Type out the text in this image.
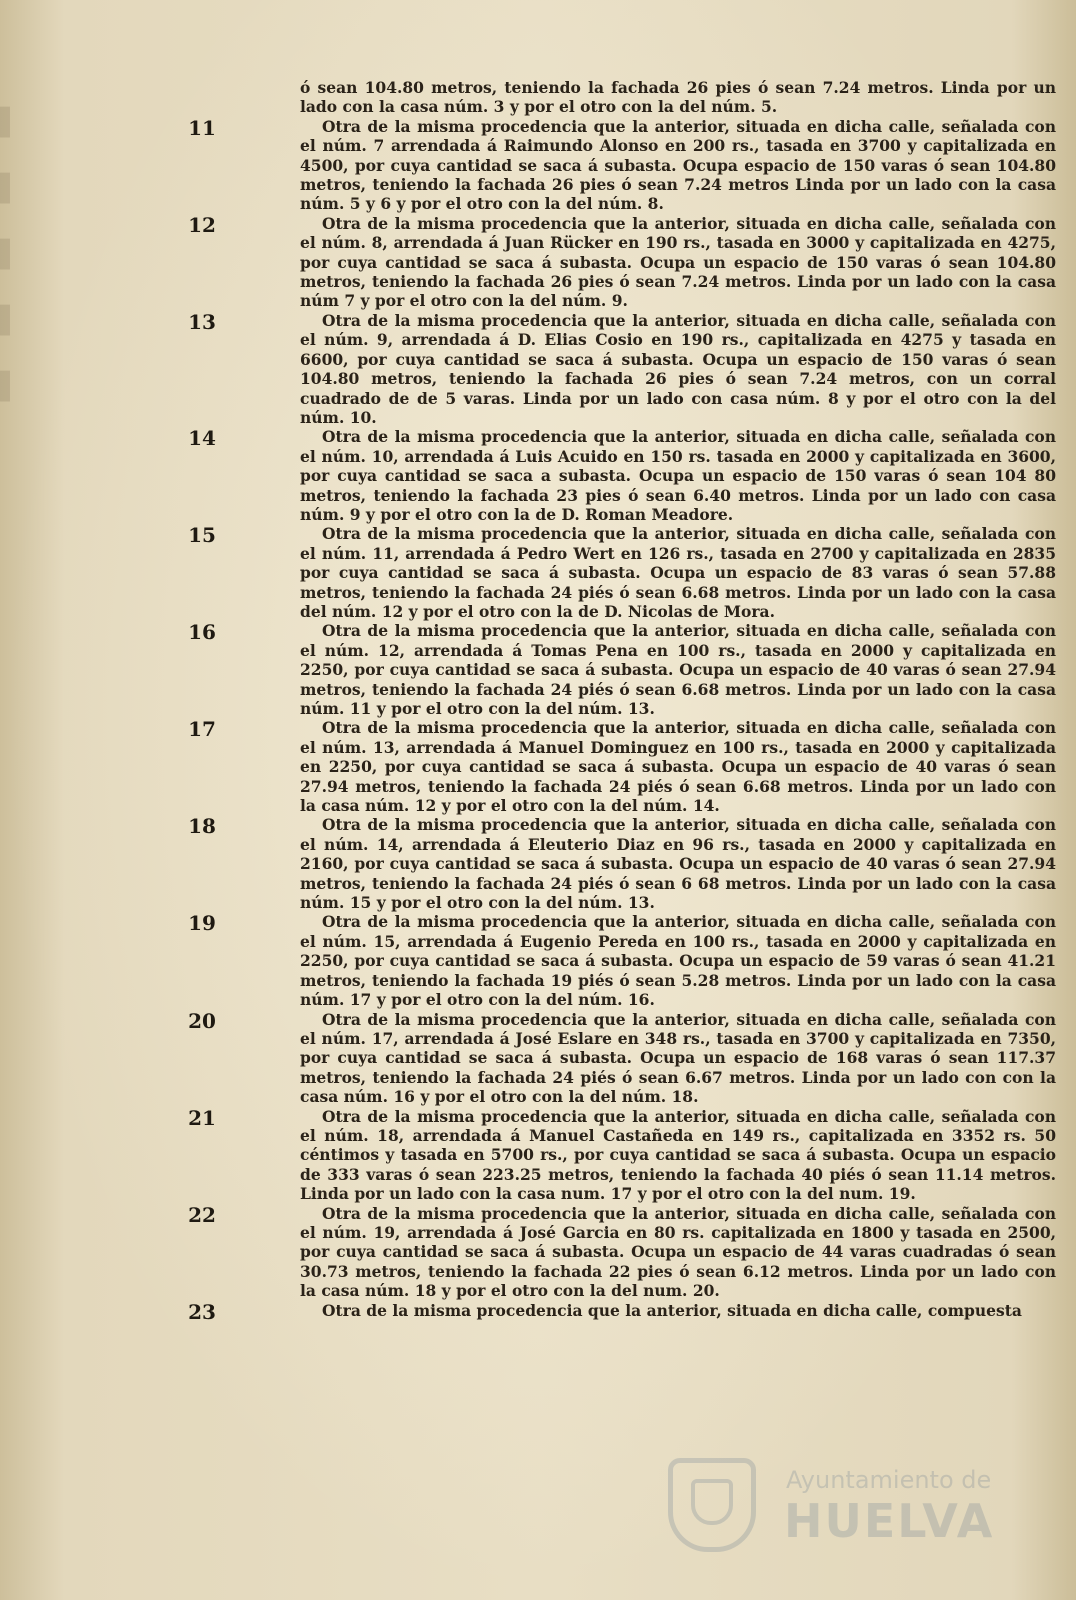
▌
▌
▌
▌
▌

ó sean 104.80 metros, teniendo la fachada 26 pies ó sean 7.24 metros. Linda por un lado con la casa núm. 3 y por el otro con la del núm. 5.

11	Otra de la misma procedencia que la anterior, situada en dicha calle, señalada con el núm. 7 arrendada á Raimundo Alonso en 200 rs., tasada en 3700 y capitalizada en 4500, por cuya cantidad se saca á subasta. Ocupa espacio de 150 varas ó sean 104.80 metros, teniendo la fachada 26 pies ó sean 7.24 metros Linda por un lado con la casa núm. 5 y 6 y por el otro con la del núm. 8.

12	Otra de la misma procedencia que la anterior, situada en dicha calle, señalada con el núm. 8, arrendada á Juan Rücker en 190 rs., tasada en 3000 y capitalizada en 4275, por cuya cantidad se saca á subasta. Ocupa un espacio de 150 varas ó sean 104.80 metros, teniendo la fachada 26 pies ó sean 7.24 metros. Linda por un lado con la casa núm 7 y por el otro con la del núm. 9.

13	Otra de la misma procedencia que la anterior, situada en dicha calle, señalada con el núm. 9, arrendada á D. Elias Cosio en 190 rs., capitalizada en 4275 y tasada en 6600, por cuya cantidad se saca á subasta. Ocupa un espacio de 150 varas ó sean 104.80 metros, teniendo la fachada 26 pies ó sean 7.24 metros, con un corral cuadrado de de 5 varas. Linda por un lado con casa núm. 8 y por el otro con la del núm. 10.

14	Otra de la misma procedencia que la anterior, situada en dicha calle, señalada con el núm. 10, arrendada á Luis Acuido en 150 rs. tasada en 2000 y capitalizada en 3600, por cuya cantidad se saca a subasta. Ocupa un espacio de 150 varas ó sean 104 80 metros, teniendo la fachada 23 pies ó sean 6.40 metros. Linda por un lado con casa núm. 9 y por el otro con la de D. Roman Meadore.

15	Otra de la misma procedencia que la anterior, situada en dicha calle, señalada con el núm. 11, arrendada á Pedro Wert en 126 rs., tasada en 2700 y capitalizada en 2835 por cuya cantidad se saca á subasta. Ocupa un espacio de 83 varas ó sean 57.88 metros, teniendo la fachada 24 piés ó sean 6.68 metros. Linda por un lado con la casa del núm. 12 y por el otro con la de D. Nicolas de Mora.

16	Otra de la misma procedencia que la anterior, situada en dicha calle, señalada con el núm. 12, arrendada á Tomas Pena en 100 rs., tasada en 2000 y capitalizada en 2250, por cuya cantidad se saca á subasta. Ocupa un espacio de 40 varas ó sean 27.94 metros, teniendo la fachada 24 piés ó sean 6.68 metros. Linda por un lado con la casa núm. 11 y por el otro con la del núm. 13.

17	Otra de la misma procedencia que la anterior, situada en dicha calle, señalada con el núm. 13, arrendada á Manuel Dominguez en 100 rs., tasada en 2000 y capitalizada en 2250, por cuya cantidad se saca á subasta. Ocupa un espacio de 40 varas ó sean 27.94 metros, teniendo la fachada 24 piés ó sean 6.68 metros. Linda por un lado con la casa núm. 12 y por el otro con la del núm. 14.

18	Otra de la misma procedencia que la anterior, situada en dicha calle, señalada con el núm. 14, arrendada á Eleuterio Diaz en 96 rs., tasada en 2000 y capitalizada en 2160, por cuya cantidad se saca á subasta. Ocupa un espacio de 40 varas ó sean 27.94 metros, teniendo la fachada 24 piés ó sean 6 68 metros. Linda por un lado con la casa núm. 15 y por el otro con la del núm. 13.

19	Otra de la misma procedencia que la anterior, situada en dicha calle, señalada con el núm. 15, arrendada á Eugenio Pereda en 100 rs., tasada en 2000 y capitalizada en 2250, por cuya cantidad se saca á subasta. Ocupa un espacio de 59 varas ó sean 41.21 metros, teniendo la fachada 19 piés ó sean 5.28 metros. Linda por un lado con la casa núm. 17 y por el otro con la del núm. 16.

20	Otra de la misma procedencia que la anterior, situada en dicha calle, señalada con el núm. 17, arrendada á José Eslare en 348 rs., tasada en 3700 y capitalizada en 7350, por cuya cantidad se saca á subasta. Ocupa un espacio de 168 varas ó sean 117.37 metros, teniendo la fachada 24 piés ó sean 6.67 metros. Linda por un lado con con la casa núm. 16 y por el otro con la del núm. 18.

21	Otra de la misma procedencia que la anterior, situada en dicha calle, señalada con el núm. 18, arrendada á Manuel Castañeda en 149 rs., capitalizada en 3352 rs. 50 céntimos y tasada en 5700 rs., por cuya cantidad se saca á subasta. Ocupa un espacio de 333 varas ó sean 223.25 metros, teniendo la fachada 40 piés ó sean 11.14 metros. Linda por un lado con la casa num. 17 y por el otro con la del num. 19.

22	Otra de la misma procedencia que la anterior, situada en dicha calle, señalada con el núm. 19, arrendada á José Garcia en 80 rs. capitalizada en 1800 y tasada en 2500, por cuya cantidad se saca á subasta. Ocupa un espacio de 44 varas cuadradas ó sean 30.73 metros, teniendo la fachada 22 pies ó sean 6.12 metros. Linda por un lado con la casa núm. 18 y por el otro con la del num. 20.

23	Otra de la misma procedencia que la anterior, situada en dicha calle, compuesta

Ayuntamiento de
HUELVA
